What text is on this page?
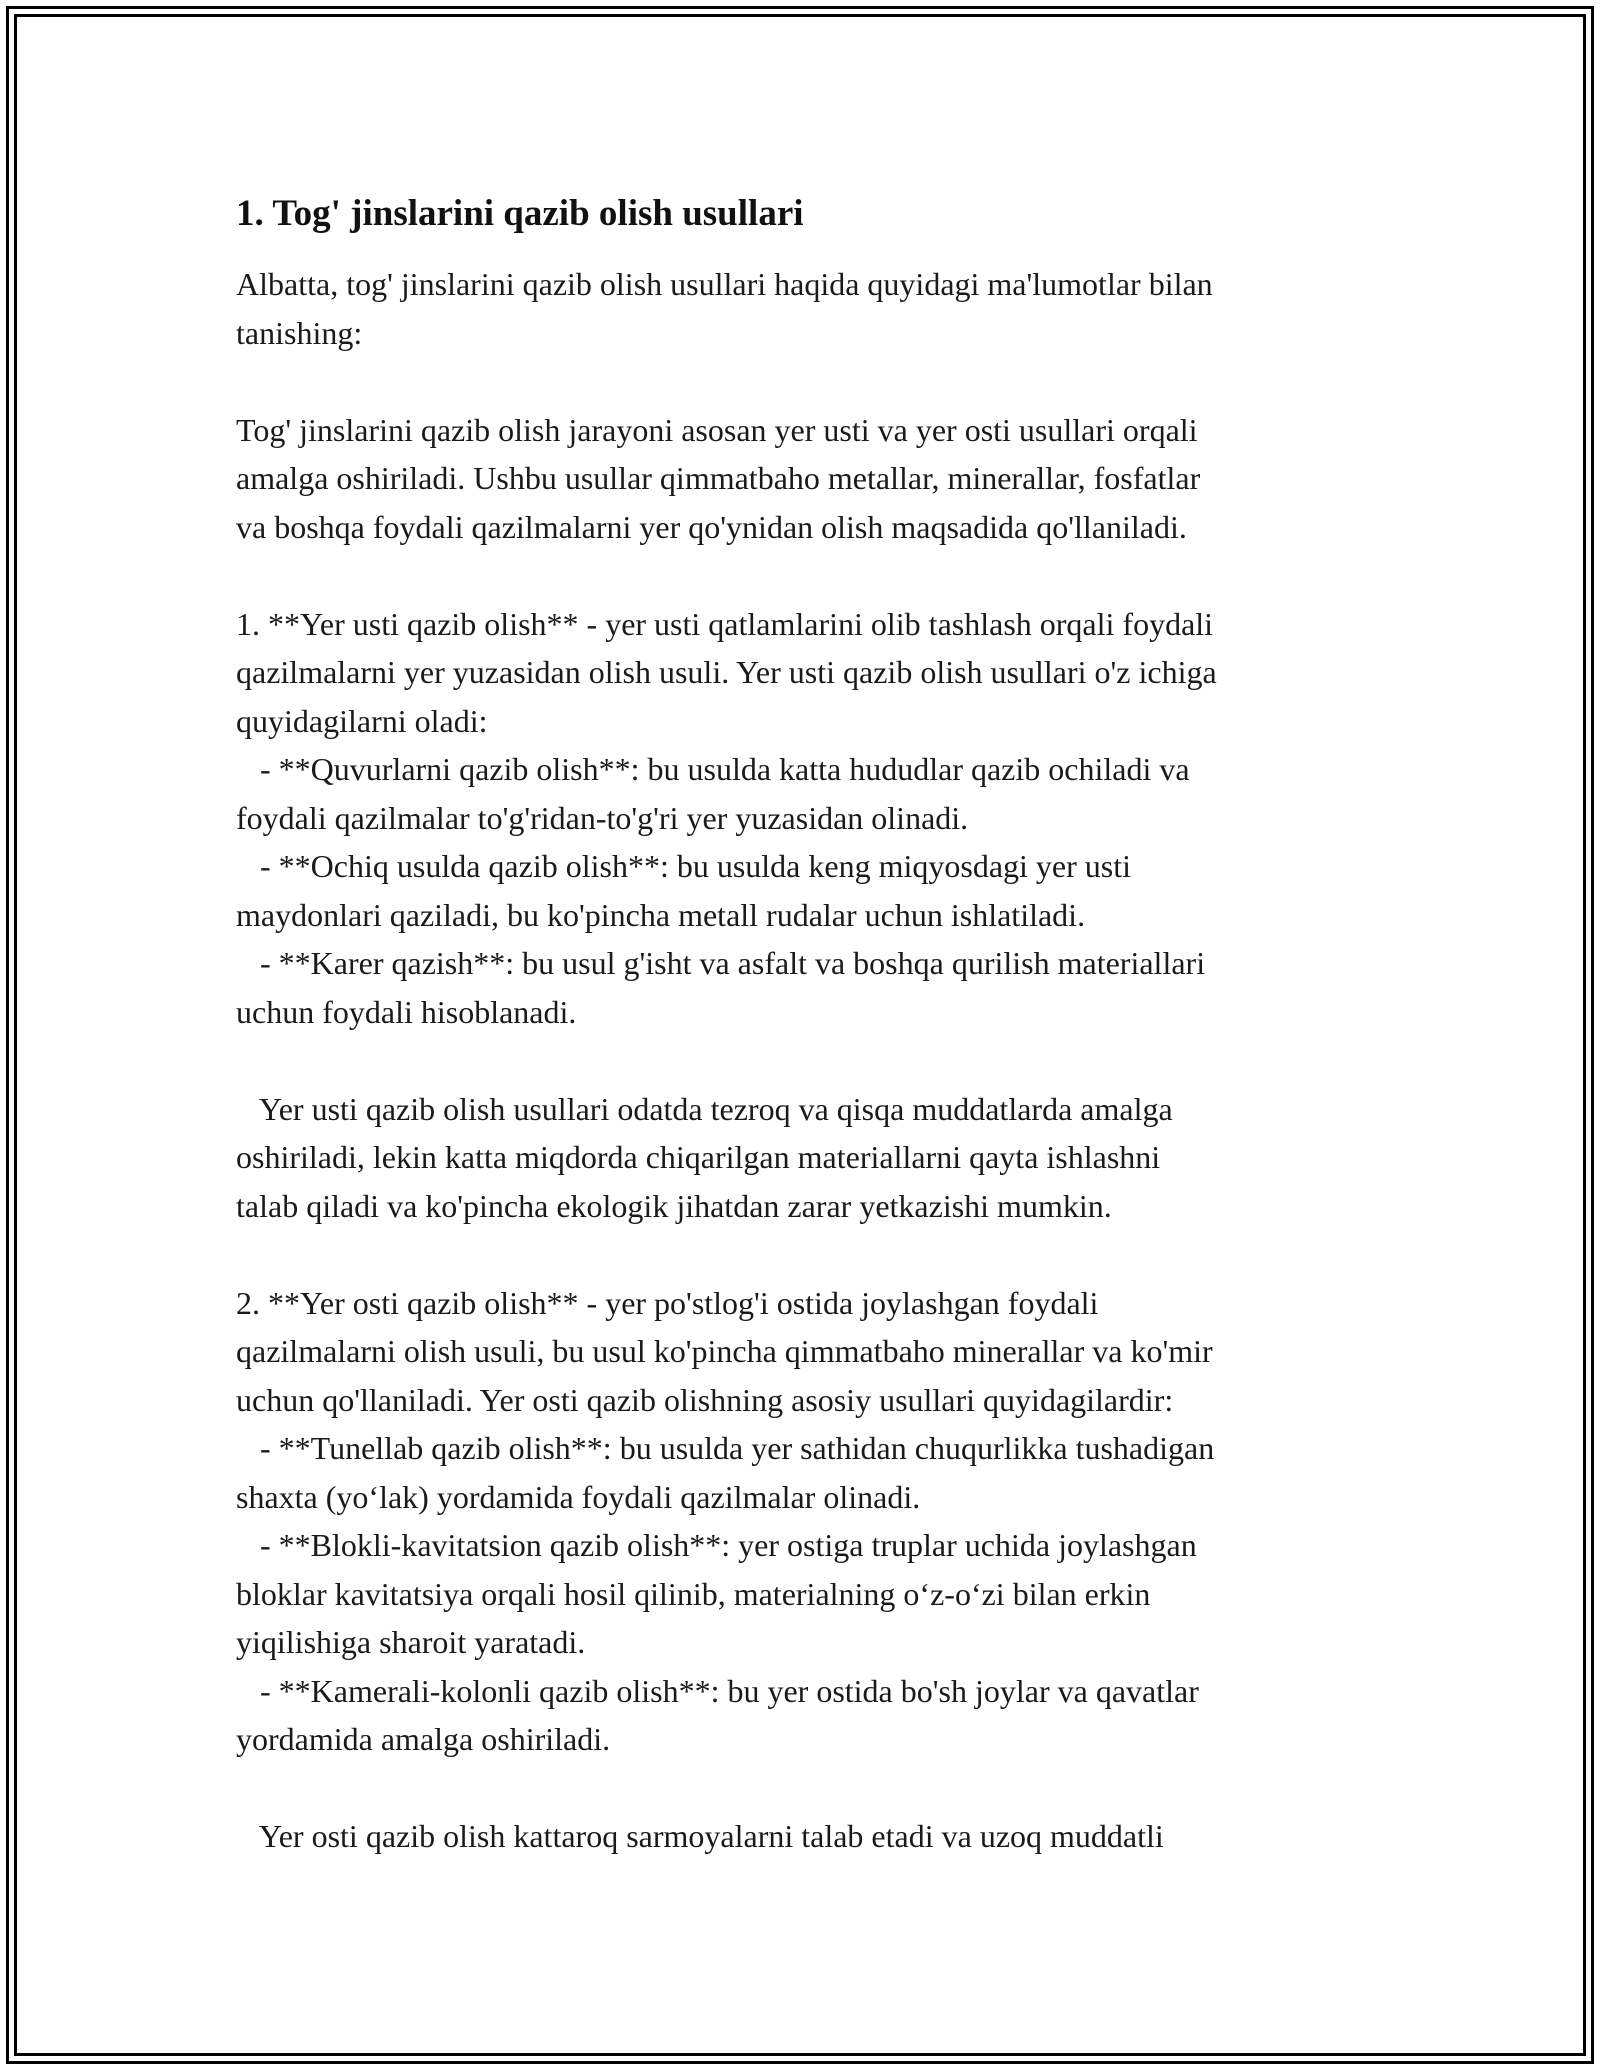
1. Tog' jinslarini qazib olish usullari

Albatta, tog' jinslarini qazib olish usullari haqida quyidagi ma'lumotlar bilan

tanishing:

Tog' jinslarini qazib olish jarayoni asosan yer usti va yer osti usullari orqali

amalga oshiriladi. Ushbu usullar qimmatbaho metallar, minerallar, fosfatlar

va boshqa foydali qazilmalarni yer qo'ynidan olish maqsadida qo'llaniladi.

1. **Yer usti qazib olish** - yer usti qatlamlarini olib tashlash orqali foydali

qazilmalarni yer yuzasidan olish usuli. Yer usti qazib olish usullari o'z ichiga

quyidagilarni oladi:

- **Quvurlarni qazib olish**: bu usulda katta hududlar qazib ochiladi va

foydali qazilmalar to'g'ridan-to'g'ri yer yuzasidan olinadi.

- **Ochiq usulda qazib olish**: bu usulda keng miqyosdagi yer usti

maydonlari qaziladi, bu ko'pincha metall rudalar uchun ishlatiladi.

- **Karer qazish**: bu usul g'isht va asfalt va boshqa qurilish materiallari

uchun foydali hisoblanadi.

Yer usti qazib olish usullari odatda tezroq va qisqa muddatlarda amalga

oshiriladi, lekin katta miqdorda chiqarilgan materiallarni qayta ishlashni

talab qiladi va ko'pincha ekologik jihatdan zarar yetkazishi mumkin.

2. **Yer osti qazib olish** - yer po'stlog'i ostida joylashgan foydali

qazilmalarni olish usuli, bu usul ko'pincha qimmatbaho minerallar va ko'mir

uchun qo'llaniladi. Yer osti qazib olishning asosiy usullari quyidagilardir:

- **Tunellab qazib olish**: bu usulda yer sathidan chuqurlikka tushadigan

shaxta (yo‘lak) yordamida foydali qazilmalar olinadi.

- **Blokli-kavitatsion qazib olish**: yer ostiga truplar uchida joylashgan

bloklar kavitatsiya orqali hosil qilinib, materialning o‘z-o‘zi bilan erkin

yiqilishiga sharoit yaratadi.

- **Kamerali-kolonli qazib olish**: bu yer ostida bo'sh joylar va qavatlar

yordamida amalga oshiriladi.

Yer osti qazib olish kattaroq sarmoyalarni talab etadi va uzoq muddatli
